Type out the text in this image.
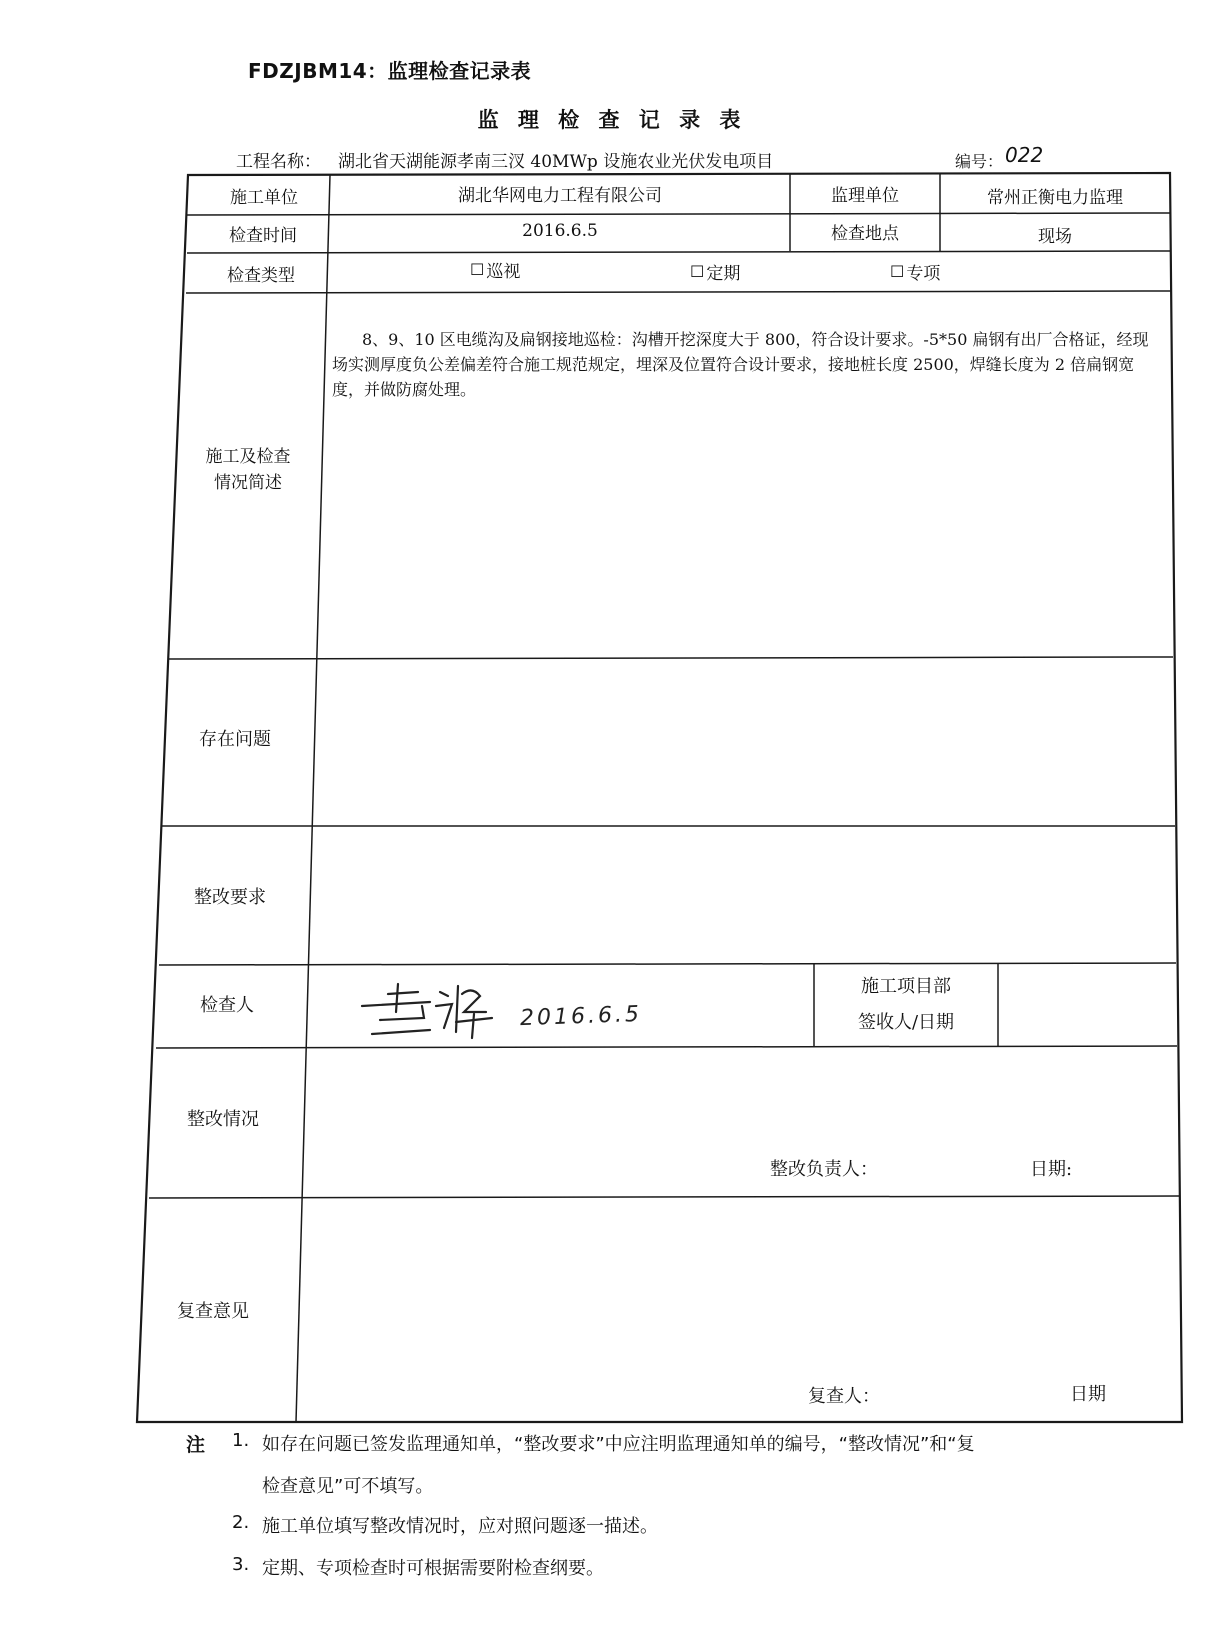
FDZJBM14：监理检查记录表
监 理 检 查 记 录 表
工程名称： 湖北省天湖能源孝南三汊 40MWp 设施农业光伏发电项目	编号： 022
施工单位	湖北华网电力工程有限公司	监理单位	常州正衡电力监理
检查时间	2016.6.5	检查地点	现场
检查类型	☐ 巡视	☐ 定期	☐ 专项
施工及检查
情况简述
8、9、10 区电缆沟及扁钢接地巡检：沟槽开挖深度大于 800，符合设计要求。-5*50 扁钢有出厂合格证，经现场实测厚度负公差偏差符合施工规范规定，埋深及位置符合设计要求，接地桩长度 2500，焊缝长度为 2 倍扁钢宽度，并做防腐处理。
存在问题
整改要求
检查人	2016.6.5
施工项目部
签收人/日期
整改情况
整改负责人：	日期:
复查意见
复查人：	日期
注 1. 如存在问题已签发监理通知单，“整改要求”中应注明监理通知单的编号，“整改情况”和“复
检查意见”可不填写。
2. 施工单位填写整改情况时，应对照问题逐一描述。
3. 定期、专项检查时可根据需要附检查纲要。
